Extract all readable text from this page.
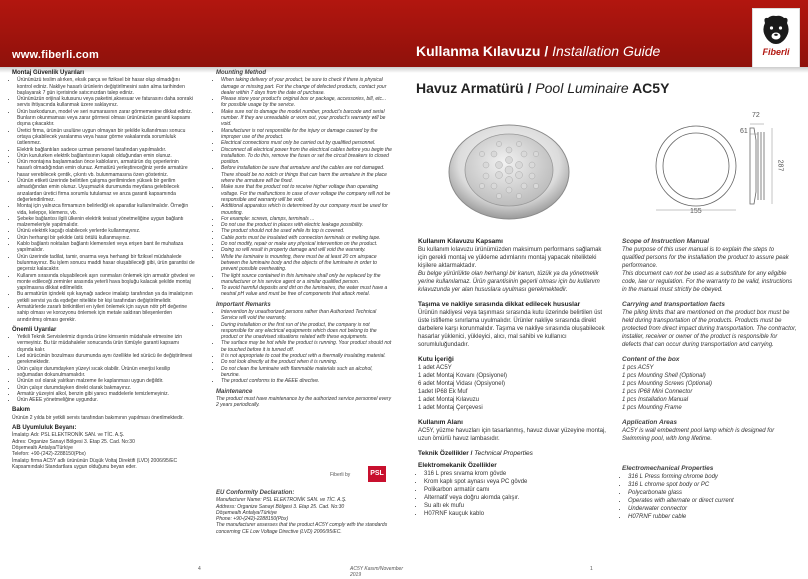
www.fiberli.com
Montaj Güvenlik Uyarıları
• Ürününüzü teslim alırken, eksik parça ve fiziksel bir hasar olup olmadığını kontrol ediniz. Nakliye hasarlı ürünlerin değiştirilmesini satın alma tarihinden başlayarak 7 gün içerisinde satıcınızdan talep ediniz.
• Ürününüzün orijinal kutusunu veya paketini,aksesuar ve faturasını daha sonraki servis ihtiyacında kullanmak üzere saklayınız.
• Ürün barkodunun, model ve seri numarasının zarar görmemesine dikkat ediniz. Bunların okunmaması veya zarar görmesi olması ürününüzün garanti kapsamı dışına çıkacaktır.
• Üretici firma, ürünün usulüne uygun olmayan bir şekilde kullanılması sonucu ortaya çıkabilecek yaralanma veya hasar görme vakalarında sorumluluk üstlenmez.
• Elektrik bağlantıları sadece uzman personel tarafından yapılmalıdır.
• Ürün kurulurken elektrik bağlantısının kapalı olduğundan emin olunuz.
• Ürün montajına başlanmadan önce kabloların, armatürün dış çeperlerinin hasarlı olmadığından emin olunuz. Armatürü yerleştireceğiniz yerde armatüre hasar verebilecek çentik, çıkıntı vb. bulunmamasına özen gösteriniz.
• Ürünün etiketi üzerinde belirtilen çalışma geriliminden yüksek bir gerilim almadığından emin olunuz. Uyuşmazlık durumunda meydana gelebilecek arızalardan üretici firma sorumlu tutulamaz ve arıza garanti kapsamında değerlendirilmez.
• Montaj için yalnızca firmamızın belirlediği ek aparatlar kullanılmalıdır. Örneğin vida, kelepçe, klemens, vb.
• Şebeke bağlantısı ilgili ülkenin elektrik tesisat yönetmeliğine uygun bağlantı malzemeleriyle yapılmalıdır.
• Ürünü elektrik kaçağı olabilecek yerlerde kullanmayınız.
• Ürün herhangi bir şekilde üstü örtülü kullanmayınız.
• Kablo bağlantı noktaları bağlantı klemensleri veya erişen bant ile muhafaza yapılmalıdır.
• Ürün üzerinde tadilat, tamir, onarma veya herhangi bir fiziksel müdahalede bulunmayınız. Bu işlem sonucu maddi hasar oluşabileceği gibi, ürün garantisi de geçersiz kalacaktır.
• Kullanım sırasında oluşabilecek aşırı ısınmaları önlemek için armatür gövdesi ve monte edileceği zeminler arasında yeterli hava boşluğu kalacak şekilde montaj yapılmasına dikkat edilmelidir.
• Bu armatürün içindeki ışık kaynağı sadece imalatçı tarafından ya da imalatçının yetkili servisi ya da eşdeğer nitelikte bir kişi tarafından değiştirilmelidir.
• Armatürlerde zararlı birikintileri en iyileri önlemek için suyun nötr pH değerine sahip olması ve korozyonu önlemek için metale saldıran bileşenlerden arındırılmış olması gerekir.
Önemli Uyarılar
• Yetkili Teknik Servislerimiz dışında ürüne kimsenin müdahale etmesine izin vermeyiniz. Bu tür müdahaleler sonucunda ürün tümüyle garanti kapsamı dışında kalır.
• Led sürücünün bozulması durumunda aynı özellikte led sürücü ile değiştirilmesi gerekmektedir.
• Ürün çalışır durumdayken yüzeyi sıcak olabilir. Ürünün enerjisi kesilip soğumadan dokunulmamalıdır.
• Ürünün ısıl olarak yalıtkan malzeme ile kaplanması uygun değildir.
• Ürün çalışır durumdayken direkt olarak bakmayınız.
• Armatür yüzeyini alkol, benzin gibi yanıcı maddelerle temizlemeyiniz.
• Ürün AEEE yönetmeliğine uygundur.
Bakım

Ürünün 2 yılda bir yetkili servis tarafından bakımının yapılması önerilmektedir.

AB Uyumluluk Beyanı:

İmalatçı Adı: PSL ELEKTRONİK SAN. ve TİC. A.Ş.

Adres: Organize Sanayi Bölgesi 3. Etap 25. Cad. No:30

Döşemealtı Antalya/Türkiye

Telefon: +90-(242)-2288150(Pbx)

İmalatçı firma AC5Y adlı ürününün Düşük Voltaj Direktifi (LVD) 2006/95/EC Kapsamındaki Standartlara uygun olduğunu beyan eder.

Mounting Method
• When taking delivery of your product, be sure to check if there is physical damage or missing part. For the change of defected products, contact your dealer within 7 days from the date of purchase.
• Please store your product's original box or package, accessories, bill, etc... for possible usage by the service.
• Make sure not to damage the model number, product's barcode and serial number. If they are unreadable or worn out, your product's warranty will be void.
• Manufacturer is not responsible for the injury or damage caused by the improper use of the product.
• Electrical connections must only be carried out by qualified personnel.
• Disconnect all electrical power from the electrical cables before you begin the installation. To do this, remove the fuses or set the circuit breakers to closed position.
• Before installation be sure that armature and the cables are not damaged. There should be no notch or things that can harm the armature in the place where the armature will be fixed.
• Make sure that the product not to receive higher voltage than operating voltage. For the malfunctions in case of over voltage the company will not be responsible and warranty will be void.
• Additional apparatus which is determined by our company must be used for mounting.
• For example: screws, clamps, terminals ...
• Do not use the product in places with electric leakage possibility.
• The product should not be used while its top is covered.
• Cable ports must be insulated with connection terminals or melting tape.
• Do not modify, repair or make any physical intervention on the product.
• Doing so will result in property damage and will void the warranty.
• While the luminaire is mounting, there must be at least 20 cm airspace between the luminaire body and the objects of the luminaire in order to prevent possible overheating.
• The light source contained in this luminaire shall only be replaced by the manufacturer or his service agent or a similar qualified person.
• To avoid harmful deposits and dirt on the luminaires, the water must have a neutral pH value and must be free of components that attack metal.
Important Remarks
• Intervention by unauthorized persons rather than Authorized Technical Service will void the warranty.
• During installation or the first run of the product, the company is not responsible for any electrical equipments which does not belong to the product or the unadvised situations related with these equipments.
• The surface may be hot while the product is running. Your product should not be touched before it is turned off.
• It is not appropriate to coat the product with a thermally insulating material.
• Do not look directly at the product when it is running.
• Do not clean the luminaire with flammable materials such as alcohol, benzine.
• The product conforms to the AEEE directive.
Maintenance

The product must have maintenance by the authorized service personnel every 2 years periodically.

Fiberli by	PSL
EU Conformity Declaration:

Manufacturer Name: PSL ELEKTRONİK SAN. ve TİC. A.Ş.

Address: Organize Sanayi Bölgesi 3. Etap 25. Cad. No:30

Döşemealtı Antalya/Türkiye

Phone: +90-(242)-2288150(Pbx)

The manufacturer assesses that the product AC5Y comply with the standards concerning CE Low Voltage Directive (LVD) 2006/95/EC.

4	AC5Y Kasım/November 2019
Kullanma Kılavuzu / Installation Guide	Fiberli
Havuz Armatürü / Pool Luminaire AC5Y
155
287
72
61
Kullanım Kılavuzu Kapsamı

Bu kullanım kılavuzu ürünümüzden maksimum performans sağlamak için gerekli montaj ve yükleme adımlarını montaj yapacak nitelikteki kişilere aktarmaktadır.

Bu belge yürürlükte olan herhangi bir kanun, tüzük ya da yönetmelik yerine kullanılamaz. Ürün garantisinin geçerli olması için bu kullanım kılavuzunda yer alan hususlara uyulması gerekmektedir.

Taşıma ve nakliye sırasında dikkat edilecek hususlar

Ürünün nakliyesi veya taşınması sırasında kutu üzerinde belirtilen üst üste istifleme sınırlama uyulmalıdır. Ürünler nakliye sırasında direkt darbelere karşı korunmalıdır. Taşıma ve nakliye sırasında oluşabilecek hasarlar yüklenici, yükleyici, alıcı, mal sahibi ve kullanıcı sorumluluğundadır.

Kutu İçeriği

1 adet AC5Y

1 adet Montaj Kovanı (Opsiyonel)

6 adet Montaj Vidası (Opsiyonel)

1adet IP68 Ek Muf

1 adet Montaj Kılavuzu

1 adet Montaj Çerçevesi

Kullanım Alanı

AC5Y, yüzme havuzları için tasarlanmış, havuz duvar yüzeyine montaj, uzun ömürlü havuz lambasıdır.

Teknik Özellikler / Technical Properties
Elektromekanik Özellikler
• 316 L pres sıvama krom gövde
• Krom kaplı spot aynası veya PC gövde
• Polikarbon armatür camı
• Alternatif veya doğru akımda çalışır.
• Su altı ek mufu
• H07RNF kauçuk kablo
Scope of Instruction Manual

The purpose of this user manual is to explain the steps to qualified persons for the installation the product to assure peak performance.

This document can not be used as a substitute for any eligible code, law or regulation. For the warranty to be valid, instructions in the manual must strictly be obeyed.

Carrying and transportation facts

The piling limits that are mentioned on the product box must be held during transportation of the products. Products must be protected from direct impact during transportation. The contractor, installer, receiver or owner of the product is responsible for defects that can occur during transportation and carrying.

Content of the box

1 pcs AC5Y

1 pcs Mounting Shell (Optional)

1 pcs Mounting Screws (Optional)

1 pcs IP68 Mini Connector

1 pcs Installation Manual

1 pcs Mounting Frame

Application Areas

AC5Y is wall embedment pool lamp which is designed for Swimming pool, with long lifetime.

Electromechanical Properties
• 316 L Press forming chrome body
• 316 L chrome spot body or PC
• Polycarbonate glass
• Operates with alternate or direct current
• Underwater connector
• H07RNF rubber cable
1
